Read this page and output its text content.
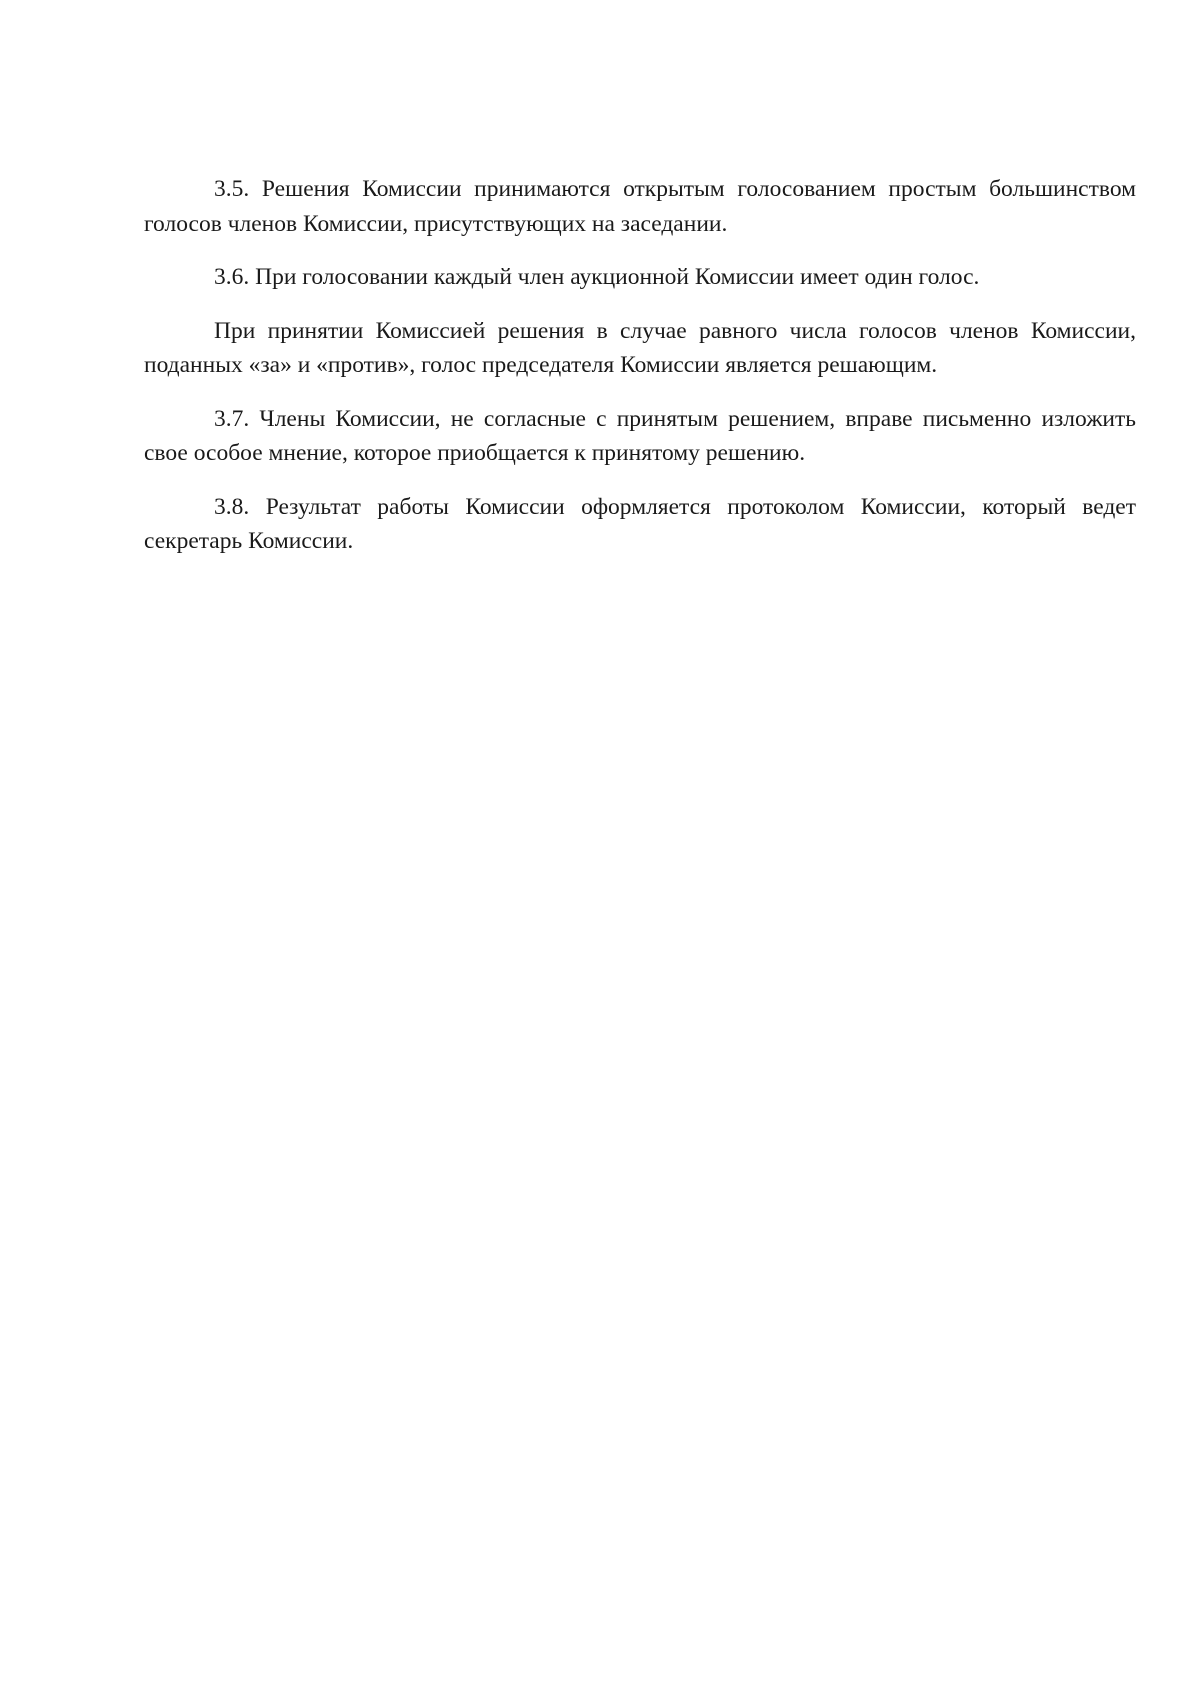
3.5. Решения Комиссии принимаются открытым голосованием простым большинством голосов членов Комиссии, присутствующих на заседании.

3.6. При голосовании каждый член аукционной Комиссии имеет один голос.

При принятии Комиссией решения в случае равного числа голосов членов Комиссии, поданных «за» и «против», голос председателя Комиссии является решающим.

3.7. Члены Комиссии, не согласные с принятым решением, вправе письменно изложить свое особое мнение, которое приобщается к принятому решению.

3.8. Результат работы Комиссии оформляется протоколом Комиссии, который ведет секретарь Комиссии.
